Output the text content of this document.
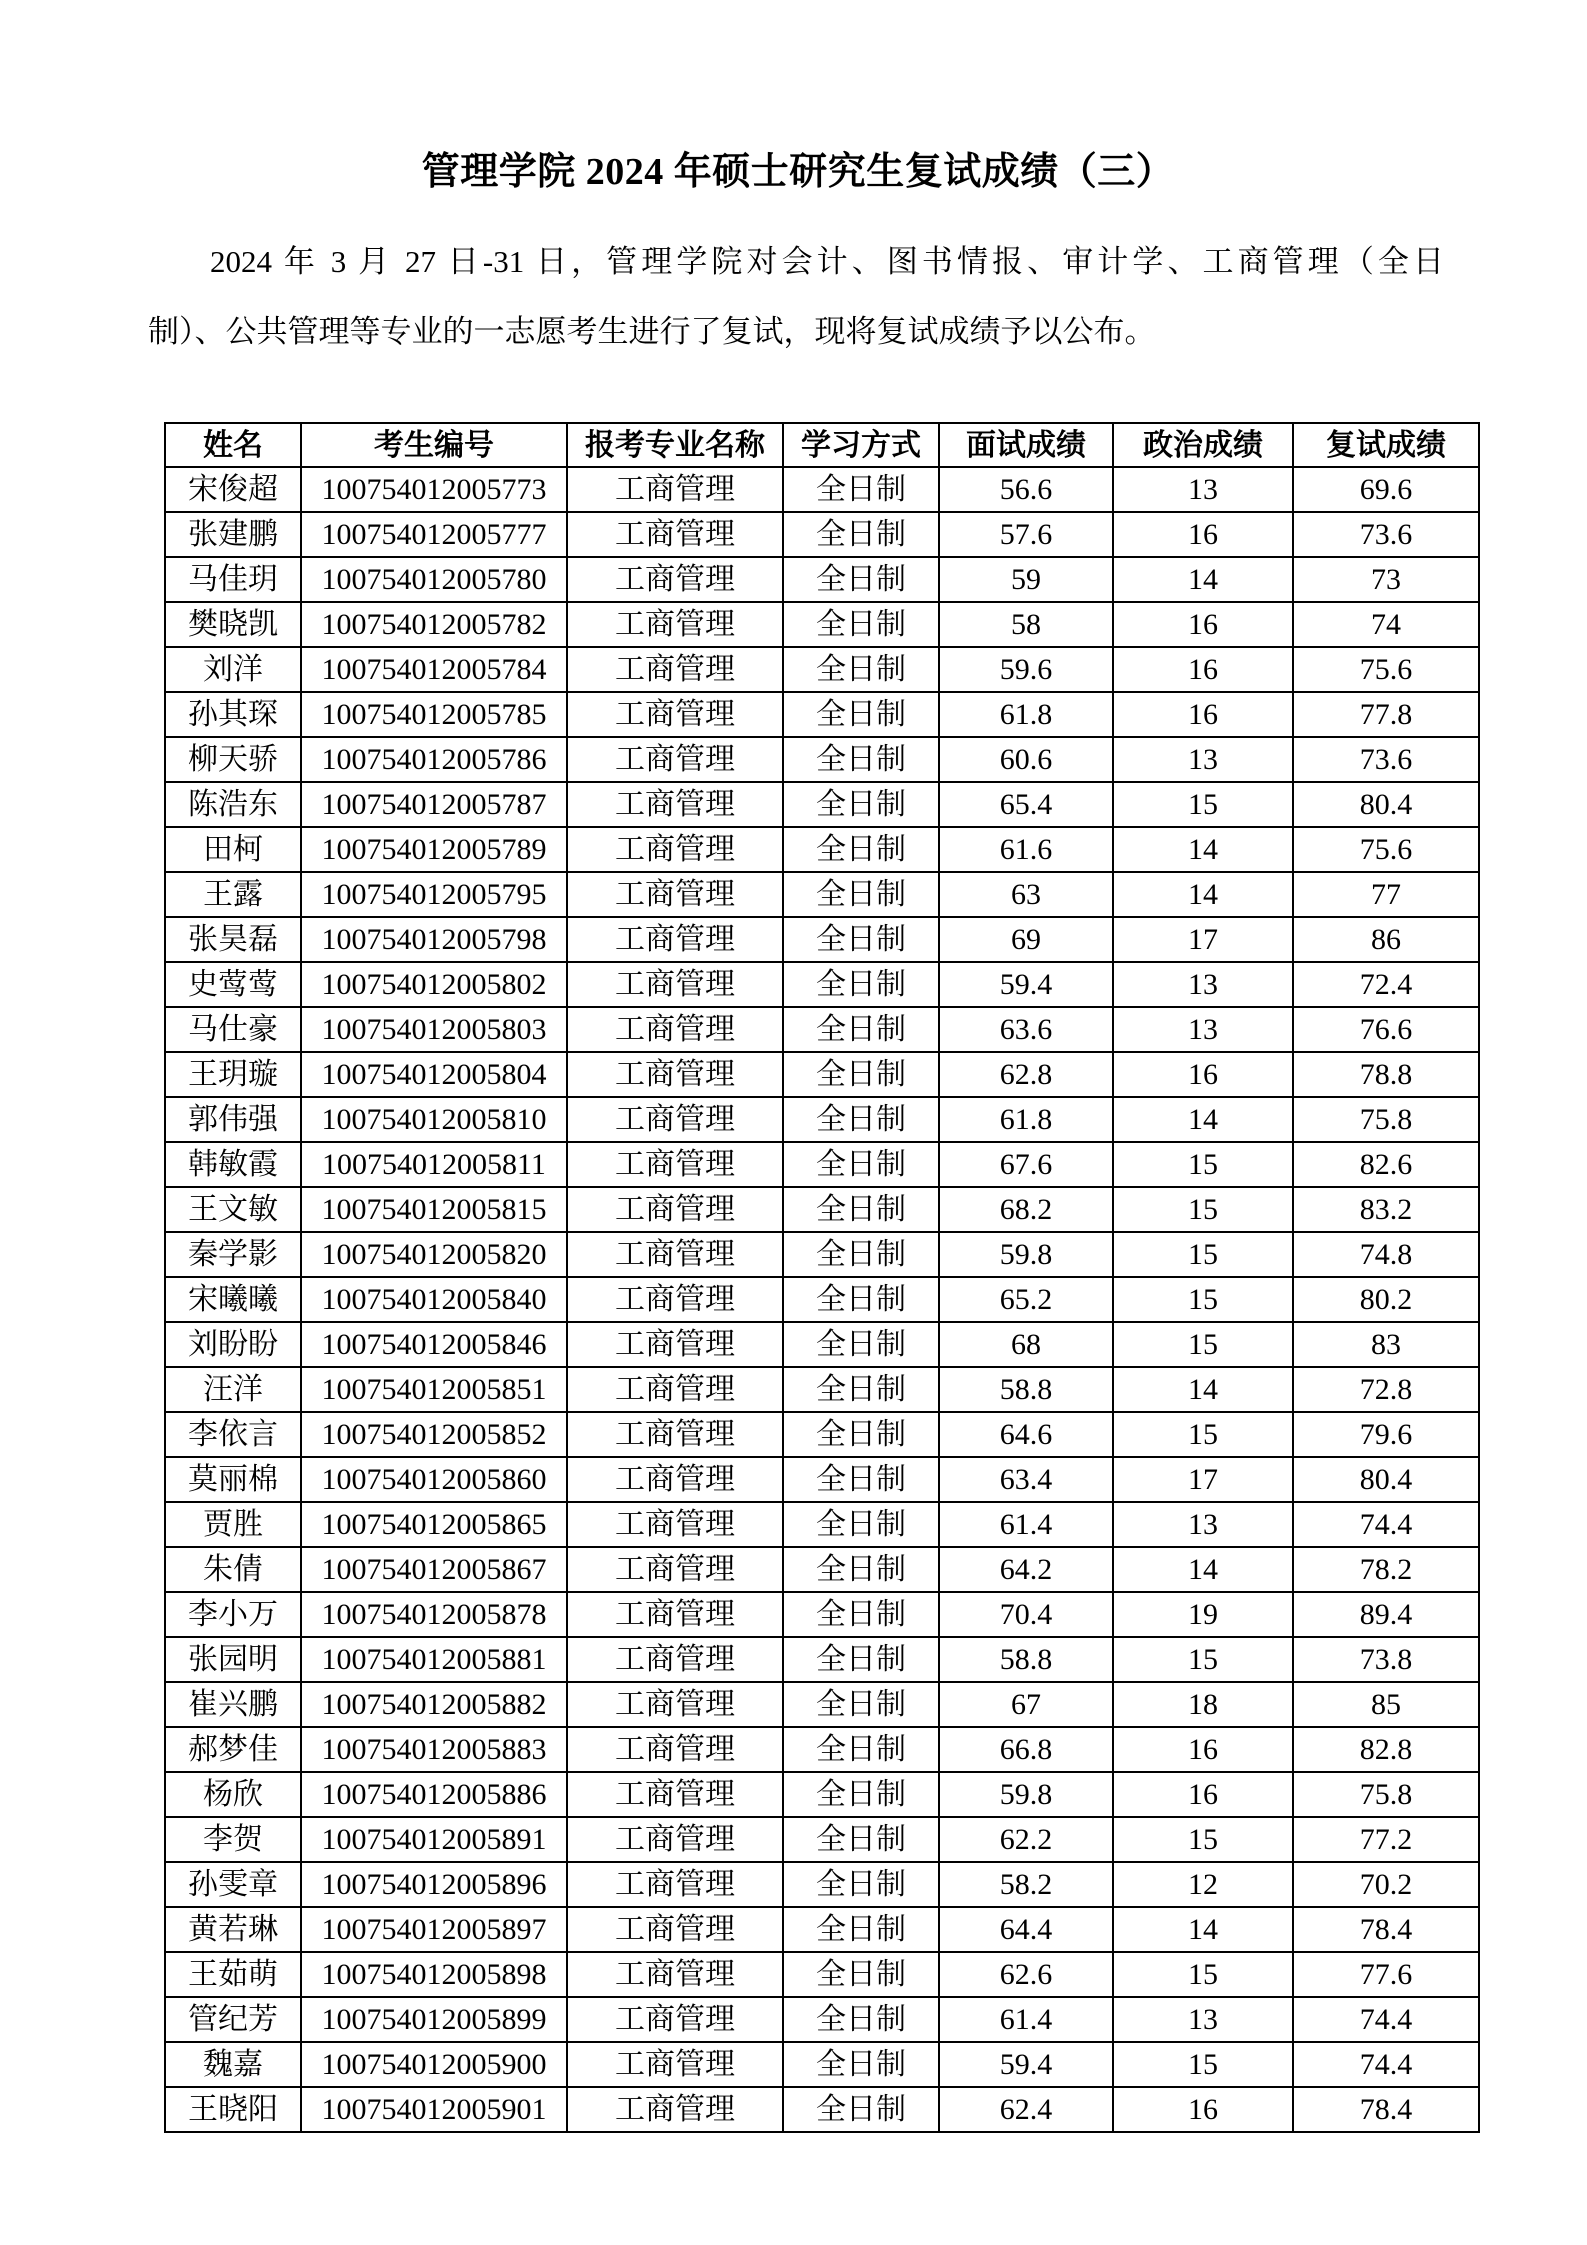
管理学院 2024 年硕士研究生复试成绩（三）
2024 年 3 月 27 日-31 日，管理学院对会计、图书情报、审计学、工商管理（全日
制）、公共管理等专业的一志愿考生进行了复试，现将复试成绩予以公布。
姓名	考生编号	报考专业名称	学习方式	面试成绩	政治成绩	复试成绩
宋俊超	100754012005773	工商管理	全日制	56.6	13	69.6
张建鹏	100754012005777	工商管理	全日制	57.6	16	73.6
马佳玥	100754012005780	工商管理	全日制	59	14	73
樊晓凯	100754012005782	工商管理	全日制	58	16	74
刘洋	100754012005784	工商管理	全日制	59.6	16	75.6
孙其琛	100754012005785	工商管理	全日制	61.8	16	77.8
柳天骄	100754012005786	工商管理	全日制	60.6	13	73.6
陈浩东	100754012005787	工商管理	全日制	65.4	15	80.4
田柯	100754012005789	工商管理	全日制	61.6	14	75.6
王露	100754012005795	工商管理	全日制	63	14	77
张昊磊	100754012005798	工商管理	全日制	69	17	86
史莺莺	100754012005802	工商管理	全日制	59.4	13	72.4
马仕豪	100754012005803	工商管理	全日制	63.6	13	76.6
王玥璇	100754012005804	工商管理	全日制	62.8	16	78.8
郭伟强	100754012005810	工商管理	全日制	61.8	14	75.8
韩敏霞	100754012005811	工商管理	全日制	67.6	15	82.6
王文敏	100754012005815	工商管理	全日制	68.2	15	83.2
秦学影	100754012005820	工商管理	全日制	59.8	15	74.8
宋曦曦	100754012005840	工商管理	全日制	65.2	15	80.2
刘盼盼	100754012005846	工商管理	全日制	68	15	83
汪洋	100754012005851	工商管理	全日制	58.8	14	72.8
李依言	100754012005852	工商管理	全日制	64.6	15	79.6
莫丽棉	100754012005860	工商管理	全日制	63.4	17	80.4
贾胜	100754012005865	工商管理	全日制	61.4	13	74.4
朱倩	100754012005867	工商管理	全日制	64.2	14	78.2
李小万	100754012005878	工商管理	全日制	70.4	19	89.4
张园明	100754012005881	工商管理	全日制	58.8	15	73.8
崔兴鹏	100754012005882	工商管理	全日制	67	18	85
郝梦佳	100754012005883	工商管理	全日制	66.8	16	82.8
杨欣	100754012005886	工商管理	全日制	59.8	16	75.8
李贺	100754012005891	工商管理	全日制	62.2	15	77.2
孙雯章	100754012005896	工商管理	全日制	58.2	12	70.2
黄若琳	100754012005897	工商管理	全日制	64.4	14	78.4
王茹萌	100754012005898	工商管理	全日制	62.6	15	77.6
管纪芳	100754012005899	工商管理	全日制	61.4	13	74.4
魏嘉	100754012005900	工商管理	全日制	59.4	15	74.4
王晓阳	100754012005901	工商管理	全日制	62.4	16	78.4
